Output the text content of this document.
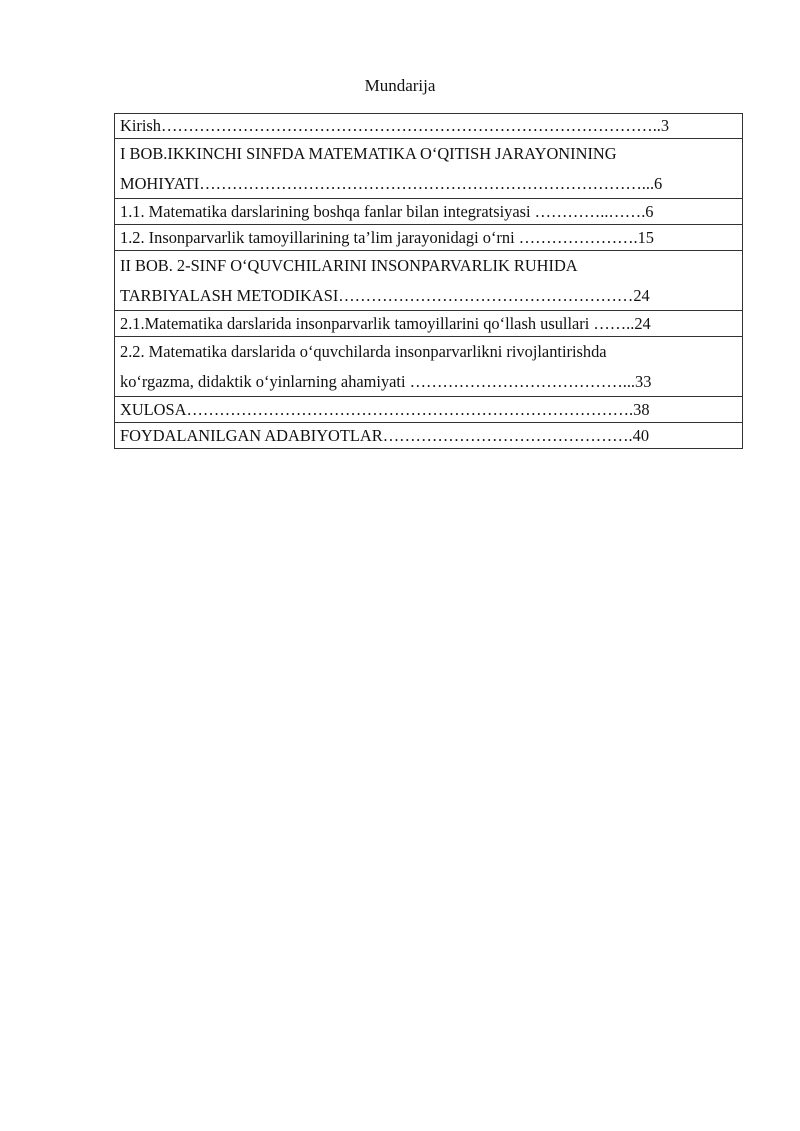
Mundarija
Kirish………………………………………………………………………………..3
I BOB.IKKINCHI SINFDA MATEMATIKA O‘QITISH JARAYONINING
MOHIYATI………………………………………………………………………...6
1.1. Matematika darslarining boshqa fanlar bilan integratsiyasi …………..…….6
1.2. Insonparvarlik tamoyillarining ta’lim jarayonidagi o‘rni ………………….15
II BOB. 2-SINF O‘QUVCHILARINI INSONPARVARLIK RUHIDA
TARBIYALASH METODIKASI………………………………………………24
2.1.Matematika darslarida insonparvarlik tamoyillarini qo‘llash usullari ……..24
2.2. Matematika darslarida o‘quvchilarda insonparvarlikni rivojlantirishda
ko‘rgazma, didaktik o‘yinlarning ahamiyati …………………………………...33
XULOSA……………………………………………………………………….38
FOYDALANILGAN ADABIYOTLAR……………………………………….40
